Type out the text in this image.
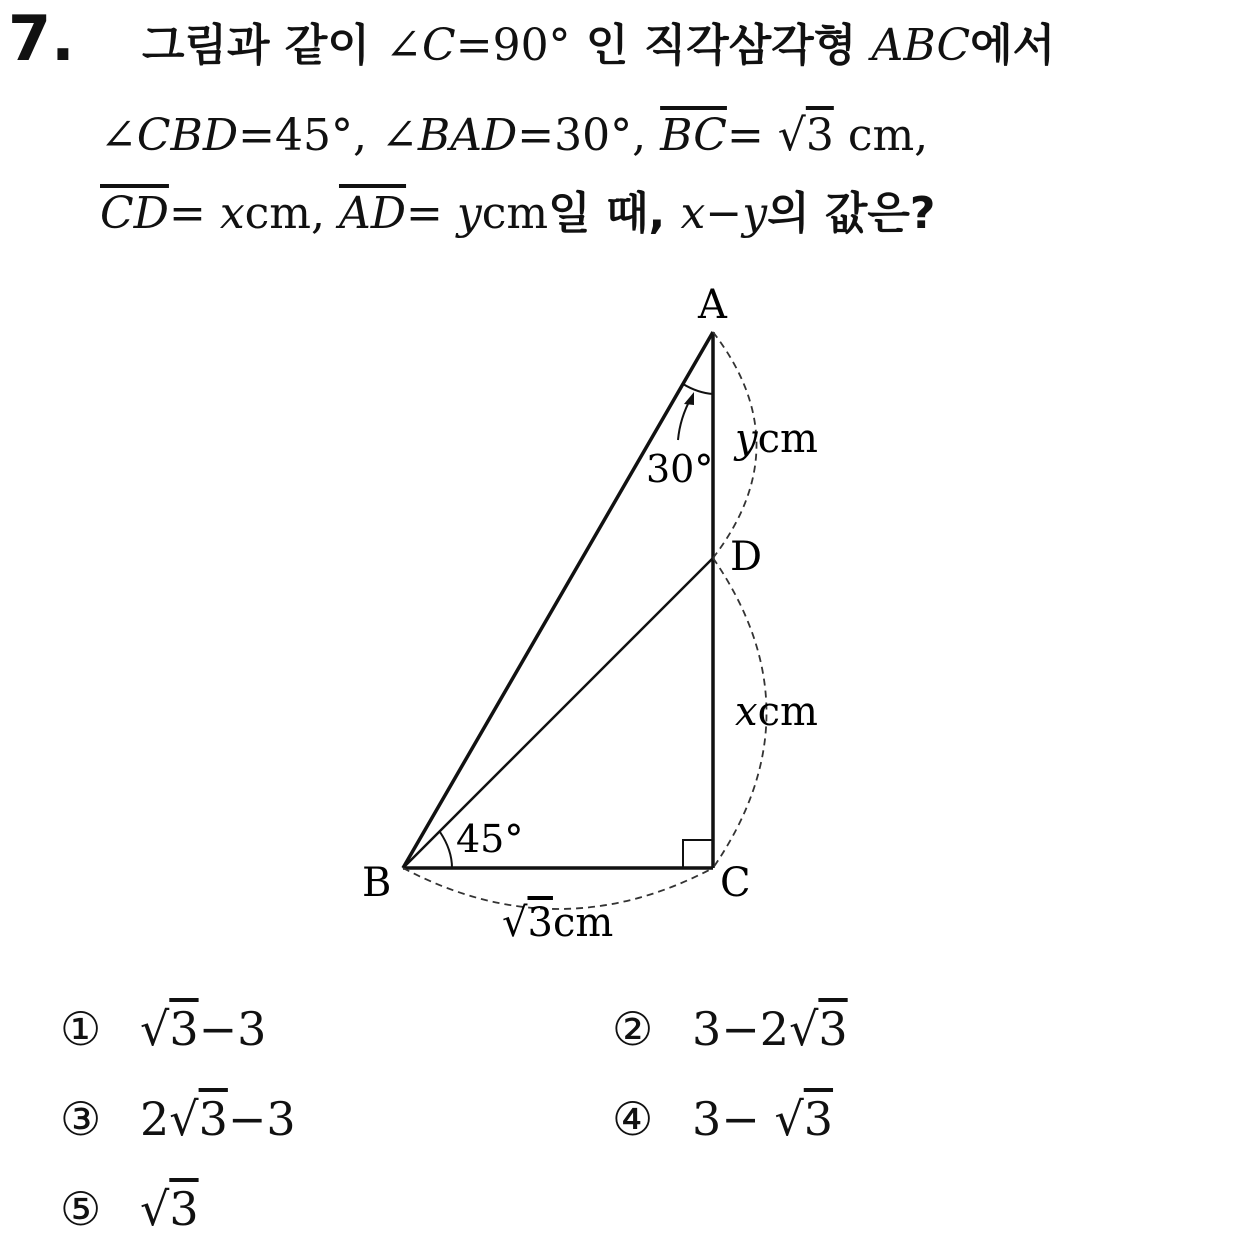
7. 그림과 같이 ∠C=90° 인 직각삼각형 ABC에서
∠CBD=45°, ∠BAD=30°, $\overline{BC}= √3$ cm,
$\overline{CD}=$ xcm, $\overline{AD}=$ ycm일 때, x−y의 값은?
A
B	C
D
30°
45°
ycm
xcm
√3cm
① √3−3	② 3−2√3
③ 2√3−3	④ 3− √3
⑤ √3
